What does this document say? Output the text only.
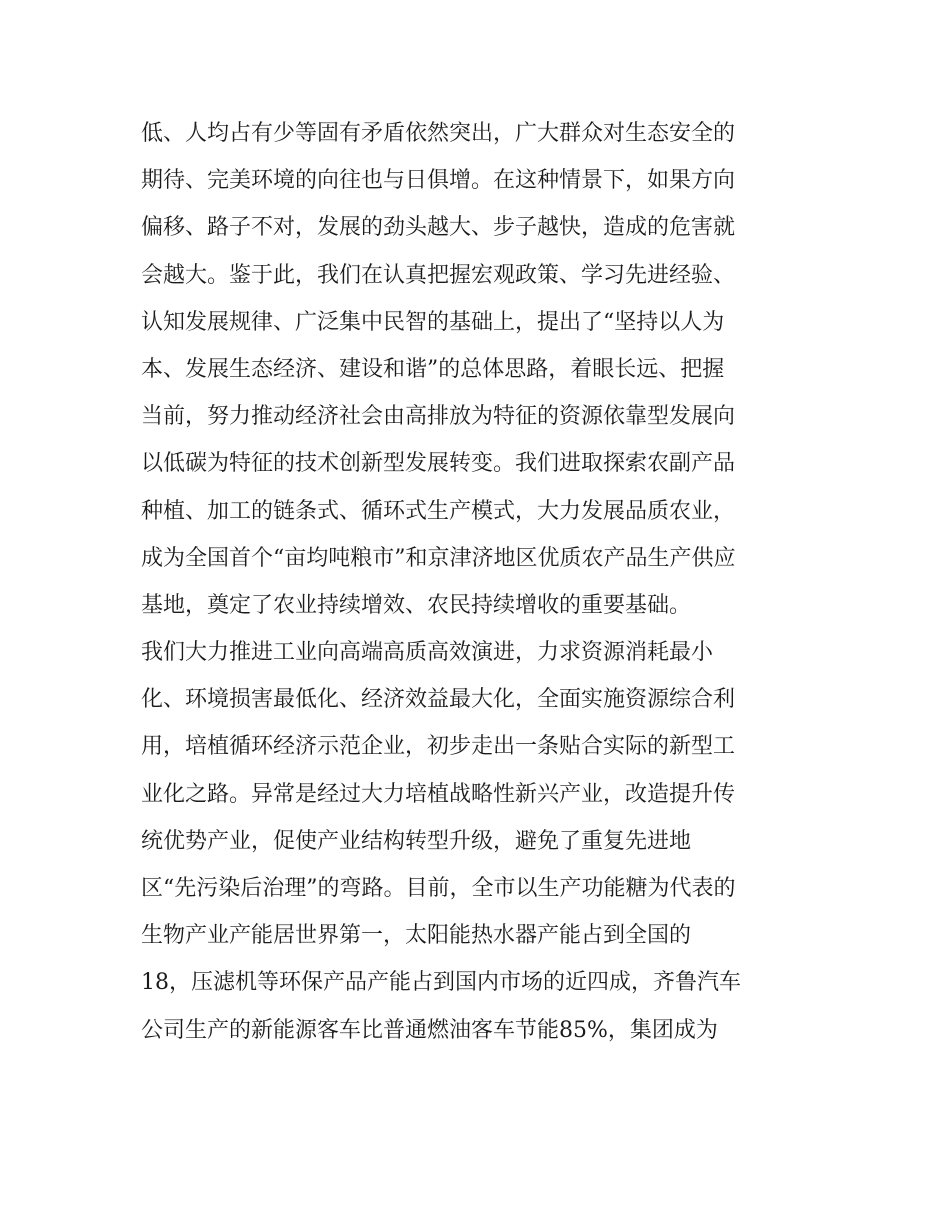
低、人均占有少等固有矛盾依然突出，广大群众对生态安全的
期待、完美环境的向往也与日俱增。在这种情景下，如果方向
偏移、路子不对，发展的劲头越大、步子越快，造成的危害就
会越大。鉴于此，我们在认真把握宏观政策、学习先进经验、
认知发展规律、广泛集中民智的基础上，提出了“坚持以人为
本、发展生态经济、建设和谐”的总体思路，着眼长远、把握
当前，努力推动经济社会由高排放为特征的资源依靠型发展向
以低碳为特征的技术创新型发展转变。我们进取探索农副产品
种植、加工的链条式、循环式生产模式，大力发展品质农业，
成为全国首个“亩均吨粮市”和京津济地区优质农产品生产供应
基地，奠定了农业持续增效、农民持续增收的重要基础。
我们大力推进工业向高端高质高效演进，力求资源消耗最小
化、环境损害最低化、经济效益最大化，全面实施资源综合利
用，培植循环经济示范企业，初步走出一条贴合实际的新型工
业化之路。异常是经过大力培植战略性新兴产业，改造提升传
统优势产业，促使产业结构转型升级，避免了重复先进地
区“先污染后治理”的弯路。目前，全市以生产功能糖为代表的
生物产业产能居世界第一，太阳能热水器产能占到全国的
18，压滤机等环保产品产能占到国内市场的近四成，齐鲁汽车
公司生产的新能源客车比普通燃油客车节能85%，集团成为
